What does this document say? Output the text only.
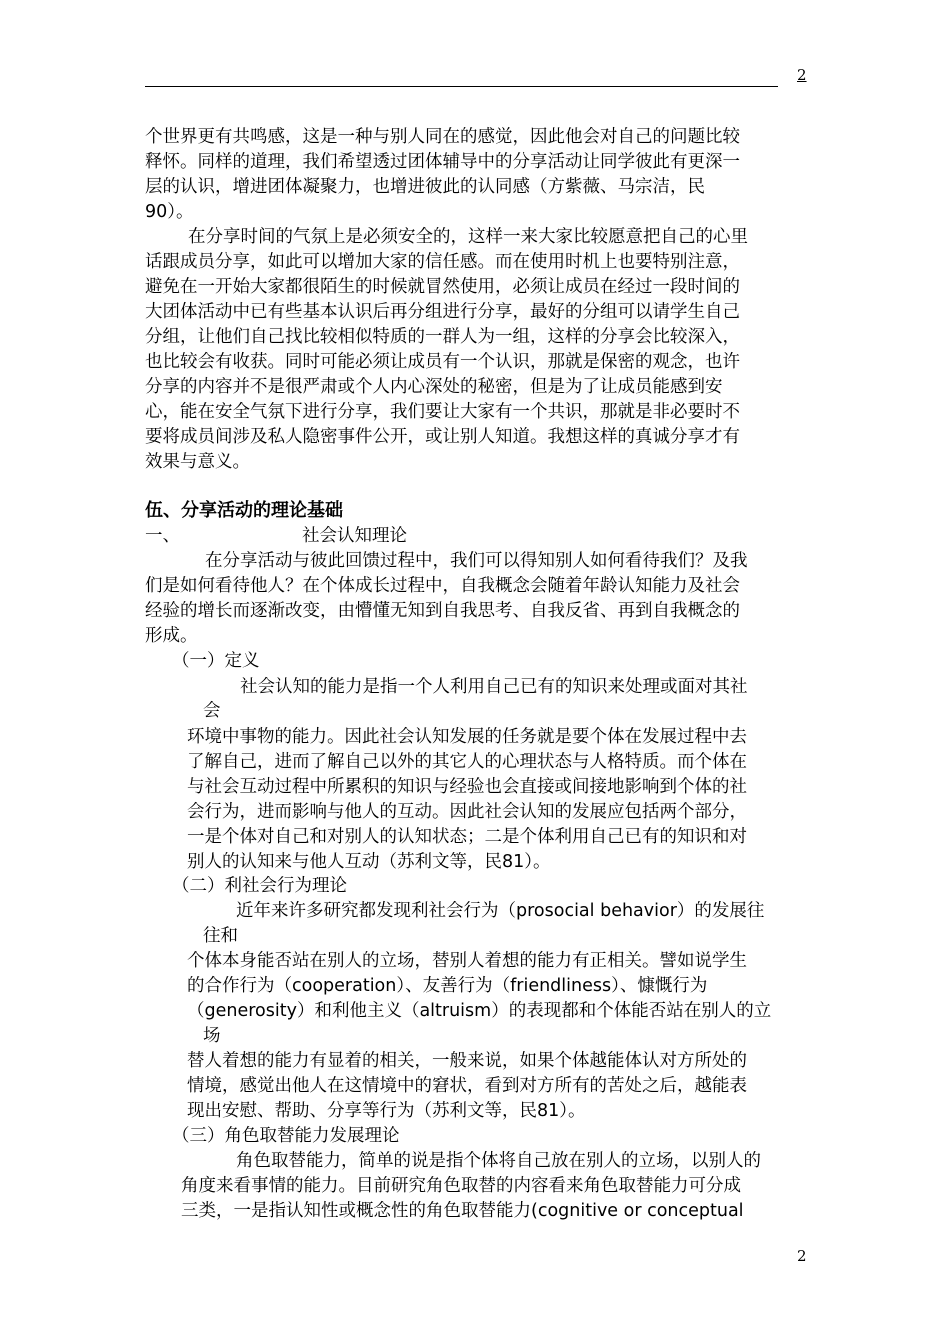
2
个世界更有共鸣感，这是一种与别人同在的感觉，因此他会对自己的问题比较
释怀。同样的道理，我们希望透过团体辅导中的分享活动让同学彼此有更深一
层的认识，增进团体凝聚力，也增进彼此的认同感（方紫薇、马宗洁，民
90）。
在分享时间的气氛上是必须安全的，这样一来大家比较愿意把自己的心里
话跟成员分享，如此可以增加大家的信任感。而在使用时机上也要特别注意，
避免在一开始大家都很陌生的时候就冒然使用，必须让成员在经过一段时间的
大团体活动中已有些基本认识后再分组进行分享，最好的分组可以请学生自己
分组，让他们自己找比较相似特质的一群人为一组，这样的分享会比较深入，
也比较会有收获。同时可能必须让成员有一个认识，那就是保密的观念，也许
分享的内容并不是很严肃或个人内心深处的秘密，但是为了让成员能感到安
心，能在安全气氛下进行分享，我们要让大家有一个共识，那就是非必要时不
要将成员间涉及私人隐密事件公开，或让别人知道。我想这样的真诚分享才有
效果与意义。
伍、分享活动的理论基础
一、	社会认知理论
在分享活动与彼此回馈过程中，我们可以得知别人如何看待我们？及我
们是如何看待他人？在个体成长过程中，自我概念会随着年龄认知能力及社会
经验的增长而逐渐改变，由懵懂无知到自我思考、自我反省、再到自我概念的
形成。
（一）定义
社会认知的能力是指一个人利用自己已有的知识来处理或面对其社
会
环境中事物的能力。因此社会认知发展的任务就是要个体在发展过程中去
了解自己，进而了解自己以外的其它人的心理状态与人格特质。而个体在
与社会互动过程中所累积的知识与经验也会直接或间接地影响到个体的社
会行为，进而影响与他人的互动。因此社会认知的发展应包括两个部分，
一是个体对自己和对别人的认知状态；二是个体利用自己已有的知识和对
别人的认知来与他人互动（苏利文等，民81）。
（二）利社会行为理论
近年来许多研究都发现利社会行为（prosocial behavior）的发展往
往和
个体本身能否站在别人的立场，替别人着想的能力有正相关。譬如说学生
的合作行为（cooperation）、友善行为（friendliness）、慷慨行为
（generosity）和利他主义（altruism）的表现都和个体能否站在别人的立
场
替人着想的能力有显着的相关，一般来说，如果个体越能体认对方所处的
情境，感觉出他人在这情境中的窘状，看到对方所有的苦处之后，越能表
现出安慰、帮助、分享等行为（苏利文等，民81）。
（三）角色取替能力发展理论
角色取替能力，简单的说是指个体将自己放在别人的立场，以别人的
角度来看事情的能力。目前研究角色取替的内容看来角色取替能力可分成
三类，一是指认知性或概念性的角色取替能力(cognitive or conceptual
2
